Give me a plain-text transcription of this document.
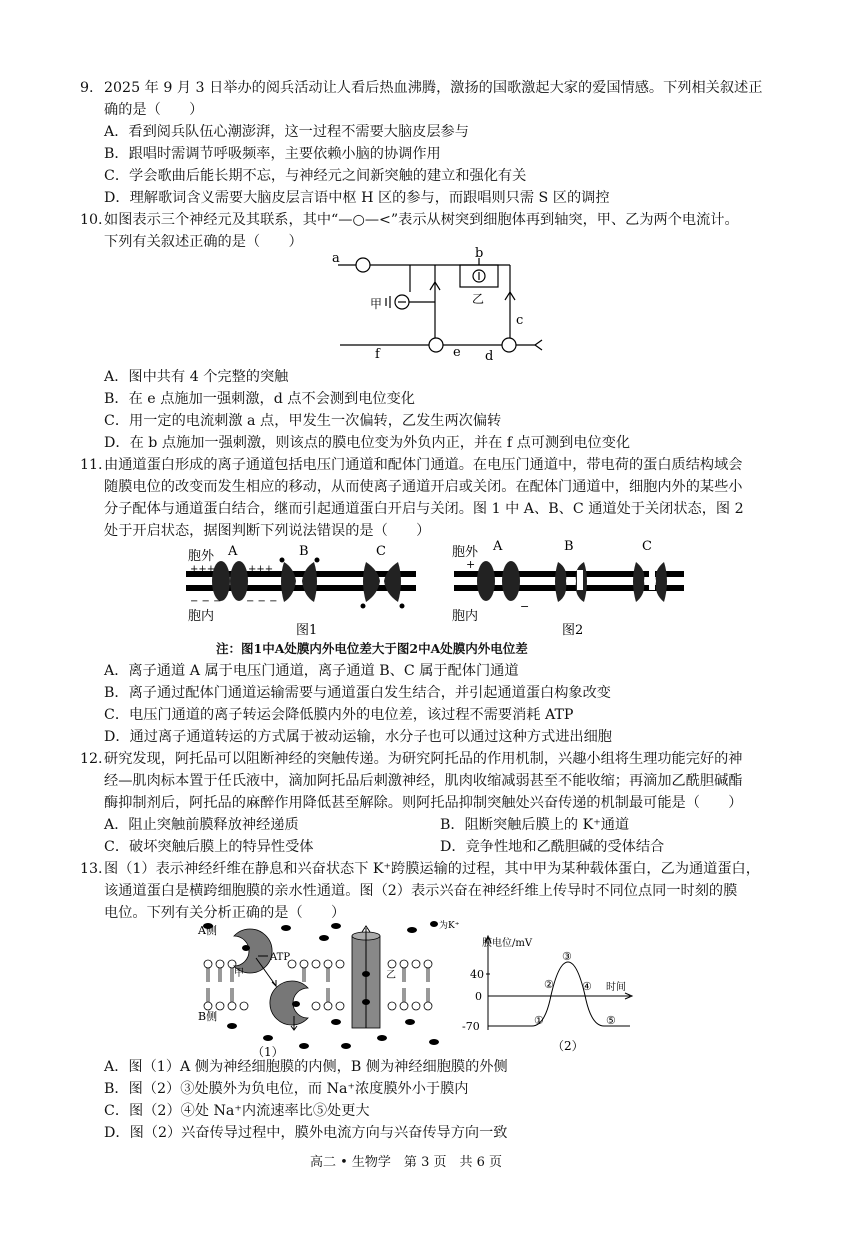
9. 2025 年 9 月 3 日举办的阅兵活动让人看后热血沸腾，激扬的国歌激起大家的爱国情感。下列相关叙述正
确的是（　　）
A．看到阅兵队伍心潮澎湃，这一过程不需要大脑皮层参与
B．跟唱时需调节呼吸频率，主要依赖小脑的协调作用
C．学会歌曲后能长期不忘，与神经元之间新突触的建立和强化有关
D．理解歌词含义需要大脑皮层言语中枢 H 区的参与，而跟唱则只需 S 区的调控
10. 如图表示三个神经元及其联系，其中“—○—<”表示从树突到细胞体再到轴突，甲、乙为两个电流计。
下列有关叙述正确的是（　　）
a	b
c
d
e
f
甲	乙
A．图中共有 4 个完整的突触
B．在 e 点施加一强刺激，d 点不会测到电位变化
C．用一定的电流刺激 a 点，甲发生一次偏转，乙发生两次偏转
D．在 b 点施加一强刺激，则该点的膜电位变为外负内正，并在 f 点可测到电位变化
11. 由通道蛋白形成的离子通道包括电压门通道和配体门通道。在电压门通道中，带电荷的蛋白质结构域会
随膜电位的改变而发生相应的移动，从而使离子通道开启或关闭。在配体门通道中，细胞内外的某些小
分子配体与通道蛋白结合，继而引起通道蛋白开启与关闭。图 1 中 A、B、C 通道处于关闭状态，图 2
处于开启状态，据图判断下列说法错误的是（　　）
胞外
胞内
+++	+++
− − − − − −
A	B	C
图1
胞外
胞内
+
−
A	B	C
图2
注：图1中A处膜内外电位差大于图2中A处膜内外电位差
A．离子通道 A 属于电压门通道，离子通道 B、C 属于配体门通道
B．离子通过配体门通道运输需要与通道蛋白发生结合，并引起通道蛋白构象改变
C．电压门通道的离子转运会降低膜内外的电位差，该过程不需要消耗 ATP
D．通过离子通道转运的方式属于被动运输，水分子也可以通过这种方式进出细胞
12. 研究发现，阿托品可以阻断神经的突触传递。为研究阿托品的作用机制，兴趣小组将生理功能完好的神
经—肌肉标本置于任氏液中，滴加阿托品后刺激神经，肌肉收缩减弱甚至不能收缩；再滴加乙酰胆碱酯
酶抑制剂后，阿托品的麻醉作用降低甚至解除。则阿托品抑制突触处兴奋传递的机制最可能是（　　）
A．阻止突触前膜释放神经递质	B．阻断突触后膜上的 K⁺通道
C．破坏突触后膜上的特异性受体	D．竞争性地和乙酰胆碱的受体结合
13. 图（1）表示神经纤维在静息和兴奋状态下 K⁺跨膜运输的过程，其中甲为某种载体蛋白，乙为通道蛋白，
该通道蛋白是横跨细胞膜的亲水性通道。图（2）表示兴奋在神经纤维上传导时不同位点同一时刻的膜
电位。下列有关分析正确的是（　　）
A侧
B侧
ATP
甲	乙
为K⁺
（1）
膜电位/mV
时间
40
0
-70	①
②
③
④
⑤
（2）
A．图（1）A 侧为神经细胞膜的内侧，B 侧为神经细胞膜的外侧
B．图（2）③处膜外为负电位，而 Na⁺浓度膜外小于膜内
C．图（2）④处 Na⁺内流速率比⑤处更大
D．图（2）兴奋传导过程中，膜外电流方向与兴奋传导方向一致
高二 • 生物学　第 3 页　共 6 页
